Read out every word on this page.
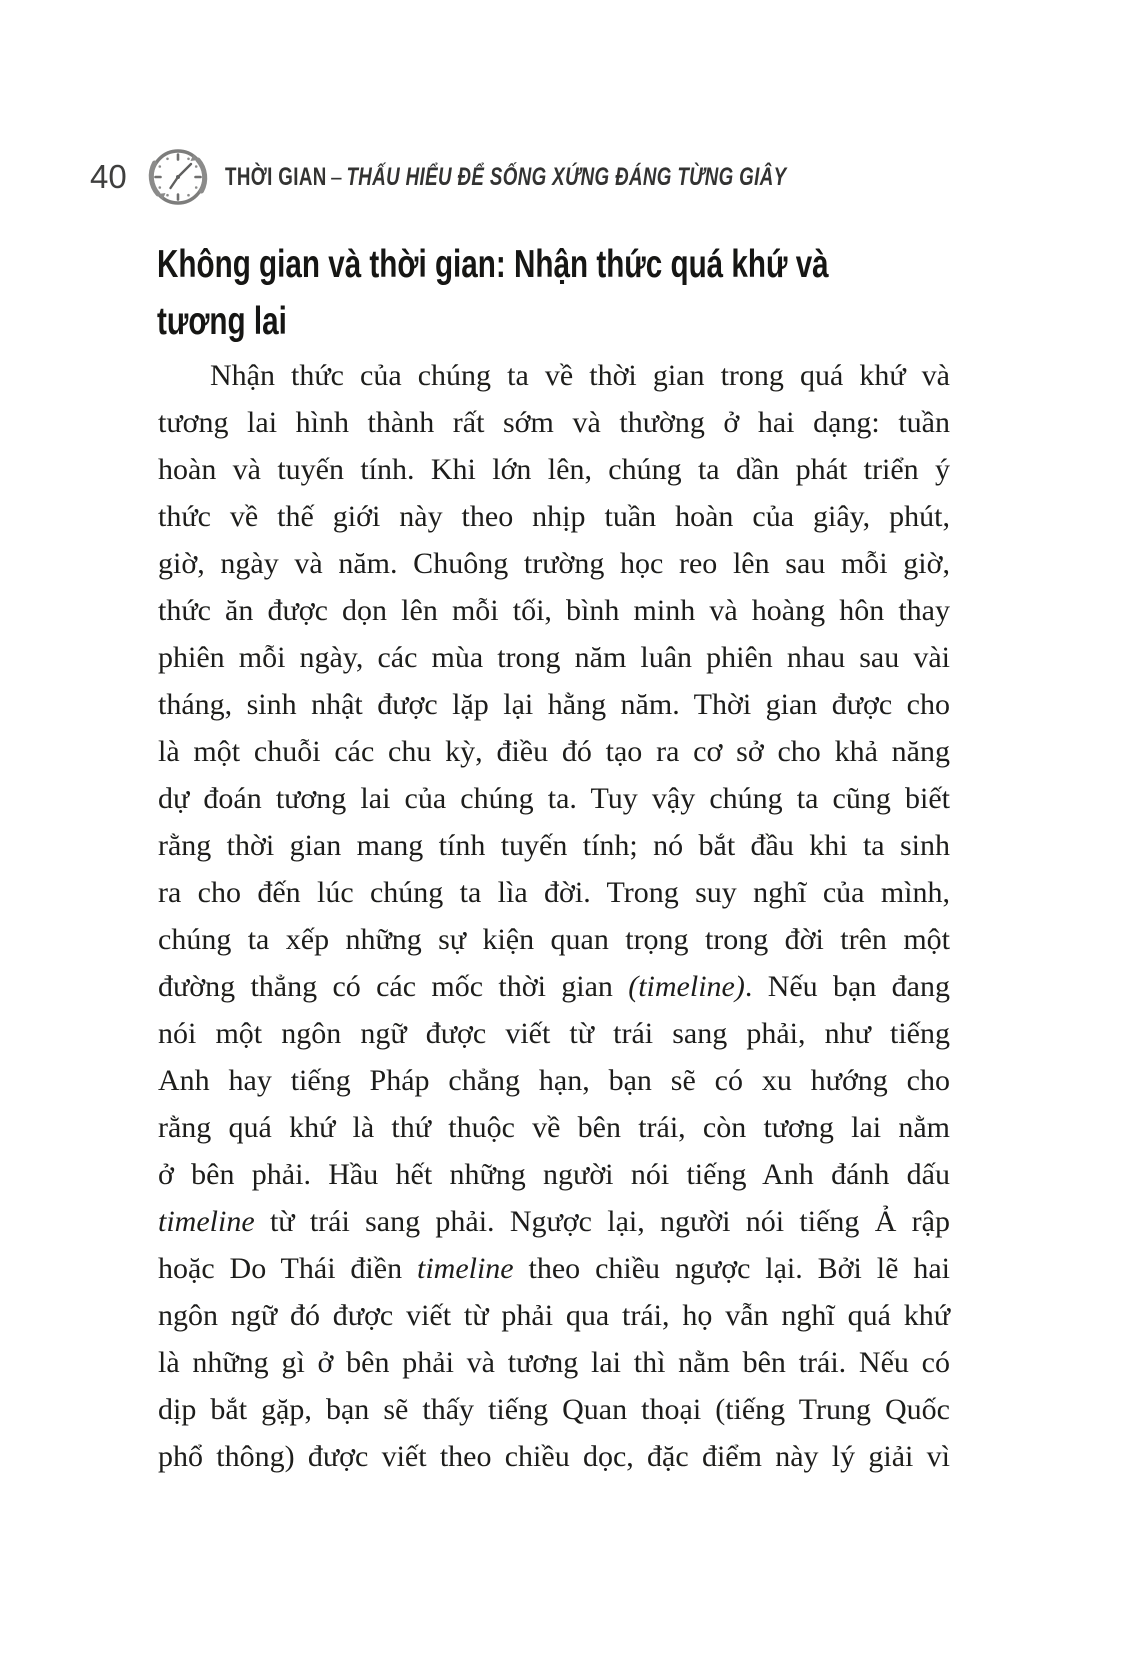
40	THỜI GIAN – THẤU HIỂU ĐỂ SỐNG XỨNG ĐÁNG TỪNG GIÂY
Không gian và thời gian: Nhận thức quá khứ và
tương lai
Nhận thức của chúng ta về thời gian trong quá khứ và
tương lai hình thành rất sớm và thường ở hai dạng: tuần
hoàn và tuyến tính. Khi lớn lên, chúng ta dần phát triển ý
thức về thế giới này theo nhịp tuần hoàn của giây, phút,
giờ, ngày và năm. Chuông trường học reo lên sau mỗi giờ,
thức ăn được dọn lên mỗi tối, bình minh và hoàng hôn thay
phiên mỗi ngày, các mùa trong năm luân phiên nhau sau vài
tháng, sinh nhật được lặp lại hằng năm. Thời gian được cho
là một chuỗi các chu kỳ, điều đó tạo ra cơ sở cho khả năng
dự đoán tương lai của chúng ta. Tuy vậy chúng ta cũng biết
rằng thời gian mang tính tuyến tính; nó bắt đầu khi ta sinh
ra cho đến lúc chúng ta lìa đời. Trong suy nghĩ của mình,
chúng ta xếp những sự kiện quan trọng trong đời trên một
đường thẳng có các mốc thời gian (timeline). Nếu bạn đang
nói một ngôn ngữ được viết từ trái sang phải, như tiếng
Anh hay tiếng Pháp chẳng hạn, bạn sẽ có xu hướng cho
rằng quá khứ là thứ thuộc về bên trái, còn tương lai nằm
ở bên phải. Hầu hết những người nói tiếng Anh đánh dấu
timeline từ trái sang phải. Ngược lại, người nói tiếng Ả rập
hoặc Do Thái điền timeline theo chiều ngược lại. Bởi lẽ hai
ngôn ngữ đó được viết từ phải qua trái, họ vẫn nghĩ quá khứ
là những gì ở bên phải và tương lai thì nằm bên trái. Nếu có
dịp bắt gặp, bạn sẽ thấy tiếng Quan thoại (tiếng Trung Quốc
phổ thông) được viết theo chiều dọc, đặc điểm này lý giải vì
